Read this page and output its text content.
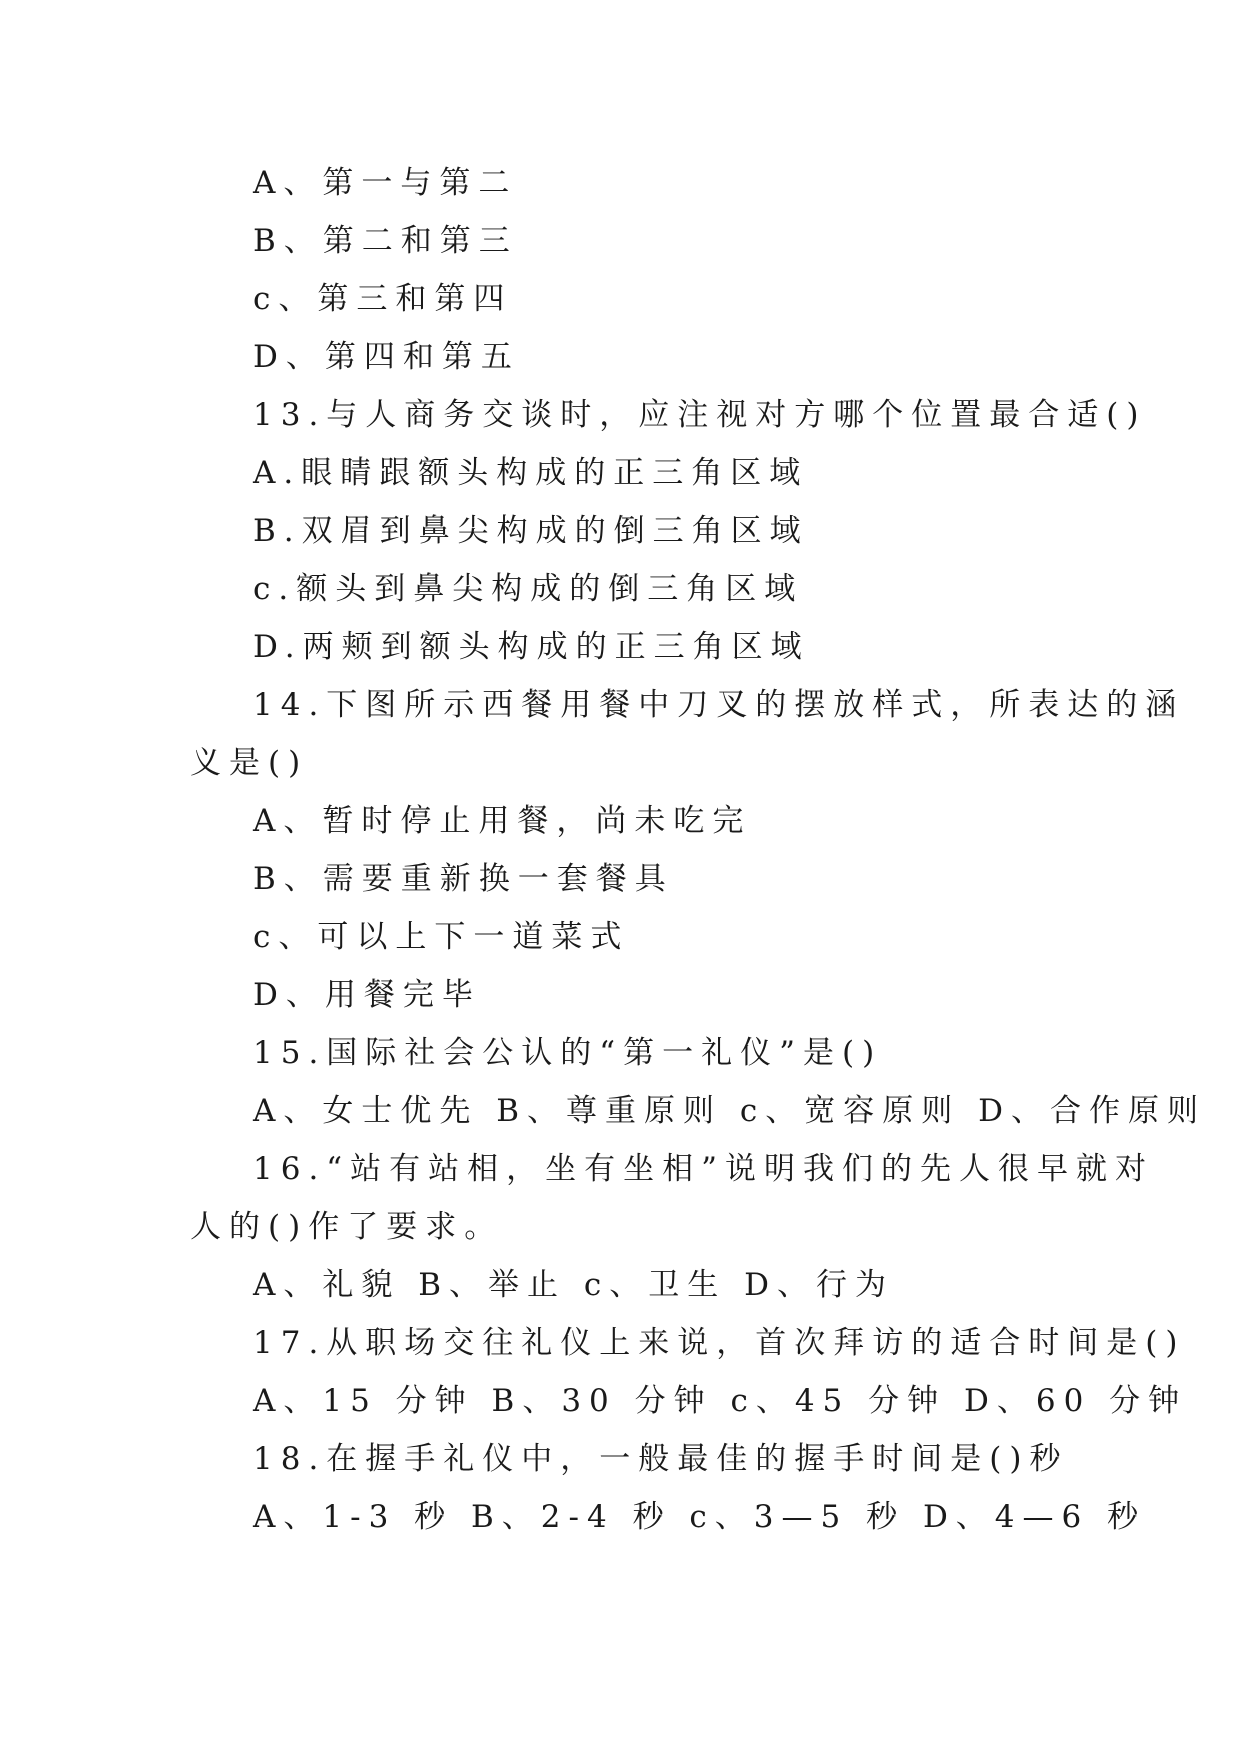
A、第一与第二
B、第二和第三
c、第三和第四
D、第四和第五
13.与人商务交谈时，应注视对方哪个位置最合适()
A.眼睛跟额头构成的正三角区域
B.双眉到鼻尖构成的倒三角区域
c.额头到鼻尖构成的倒三角区域
D.两颊到额头构成的正三角区域
14.下图所示西餐用餐中刀叉的摆放样式，所表达的涵
义是()
A、暂时停止用餐，尚未吃完
B、需要重新换一套餐具
c、可以上下一道菜式
D、用餐完毕
15.国际社会公认的“第一礼仪”是()
A、女士优先 B、尊重原则 c、宽容原则 D、合作原则
16.“站有站相，坐有坐相”说明我们的先人很早就对
人的()作了要求。
A、礼貌 B、举止 c、卫生 D、行为
17.从职场交往礼仪上来说，首次拜访的适合时间是()
A、15 分钟 B、30 分钟 c、45 分钟 D、60 分钟
18.在握手礼仪中，一般最佳的握手时间是()秒
A、1-3 秒 B、2-4 秒 c、3—5 秒 D、4—6 秒
